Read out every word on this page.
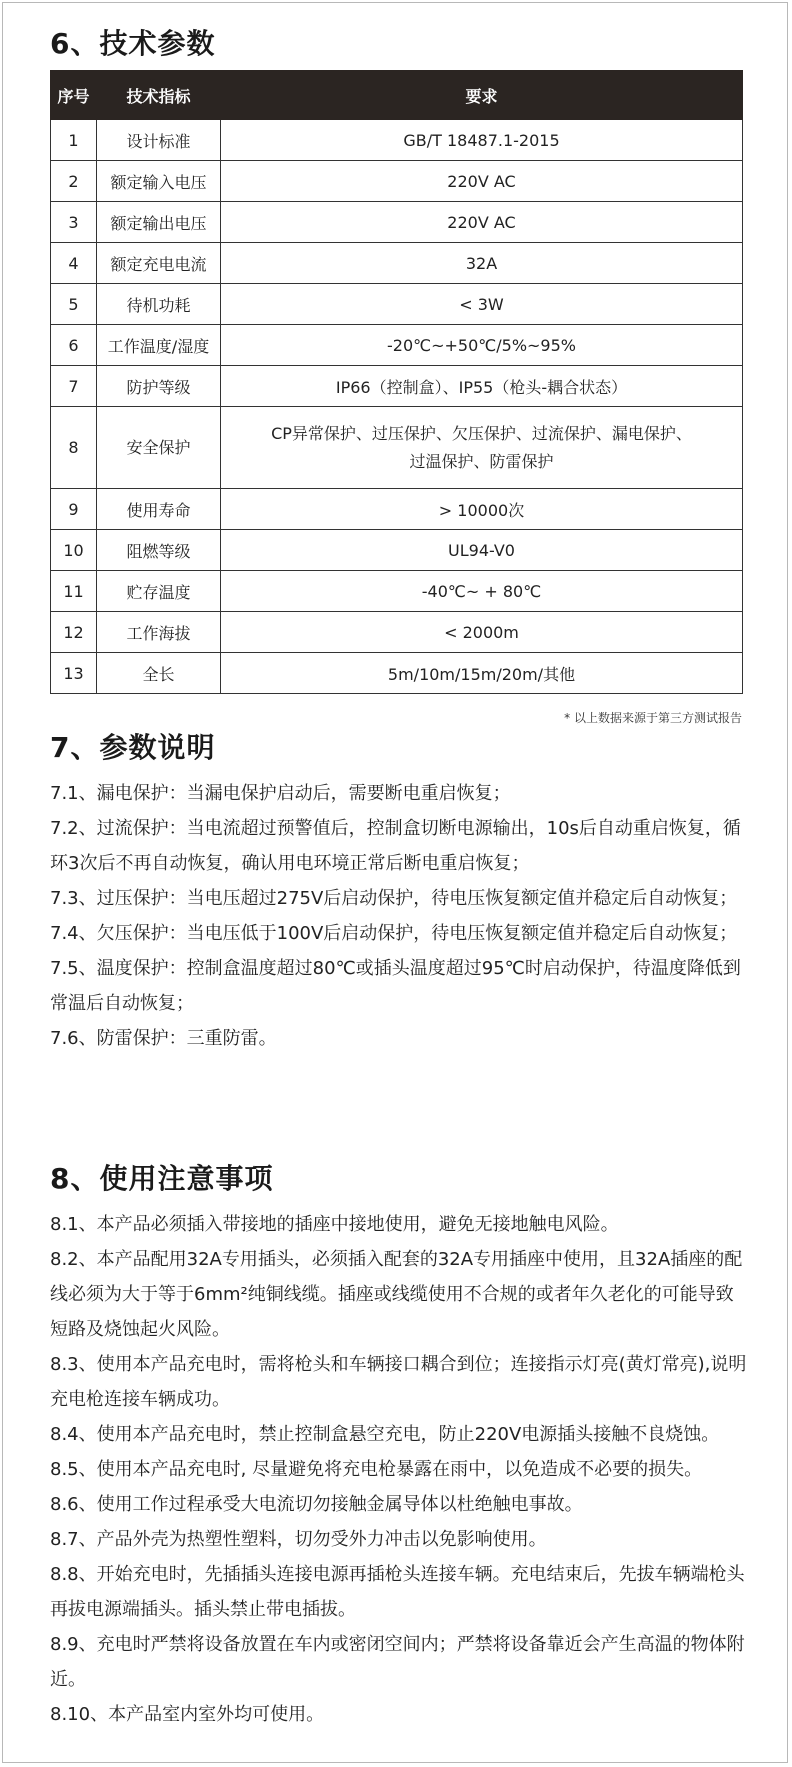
6、技术参数
序号	技术指标	要求
1	设计标准	GB/T 18487.1-2015
2	额定输入电压	220V AC
3	额定输出电压	220V AC
4	额定充电电流	32A
5	待机功耗	< 3W
6	工作温度/湿度	-20℃~+50℃/5%~95%
7	防护等级	IP66（控制盒）、IP55（枪头-耦合状态）
8	安全保护	CP异常保护、过压保护、欠压保护、过流保护、漏电保护、
过温保护、防雷保护

9	使用寿命	> 10000次
10	阻燃等级	UL94-V0
11	贮存温度	-40℃~ + 80℃
12	工作海拔	< 2000m
13	全长	5m/10m/15m/20m/其他
* 以上数据来源于第三方测试报告
7、参数说明

7.1、漏电保护：当漏电保护启动后，需要断电重启恢复；

7.2、过流保护：当电流超过预警值后，控制盒切断电源输出，10s后自动重启恢复，循环3次后不再自动恢复，确认用电环境正常后断电重启恢复；

7.3、过压保护：当电压超过275V后启动保护，待电压恢复额定值并稳定后自动恢复；

7.4、欠压保护：当电压低于100V后启动保护，待电压恢复额定值并稳定后自动恢复；

7.5、温度保护：控制盒温度超过80℃或插头温度超过95℃时启动保护，待温度降低到常温后自动恢复；

7.6、防雷保护：三重防雷。

8、使用注意事项

8.1、本产品必须插入带接地的插座中接地使用，避免无接地触电风险。

8.2、本产品配用32A专用插头，必须插入配套的32A专用插座中使用，且32A插座的配线必须为大于等于6mm²纯铜线缆。插座或线缆使用不合规的或者年久老化的可能导致短路及烧蚀起火风险。

8.3、使用本产品充电时，需将枪头和车辆接口耦合到位；连接指示灯亮(黄灯常亮),说明充电枪连接车辆成功。

8.4、使用本产品充电时，禁止控制盒悬空充电，防止220V电源插头接触不良烧蚀。

8.5、使用本产品充电时, 尽量避免将充电枪暴露在雨中，以免造成不必要的损失。

8.6、使用工作过程承受大电流切勿接触金属导体以杜绝触电事故。

8.7、产品外壳为热塑性塑料，切勿受外力冲击以免影响使用。

8.8、开始充电时，先插插头连接电源再插枪头连接车辆。充电结束后，先拔车辆端枪头再拔电源端插头。插头禁止带电插拔。

8.9、充电时严禁将设备放置在车内或密闭空间内；严禁将设备靠近会产生高温的物体附近。

8.10、本产品室内室外均可使用。
